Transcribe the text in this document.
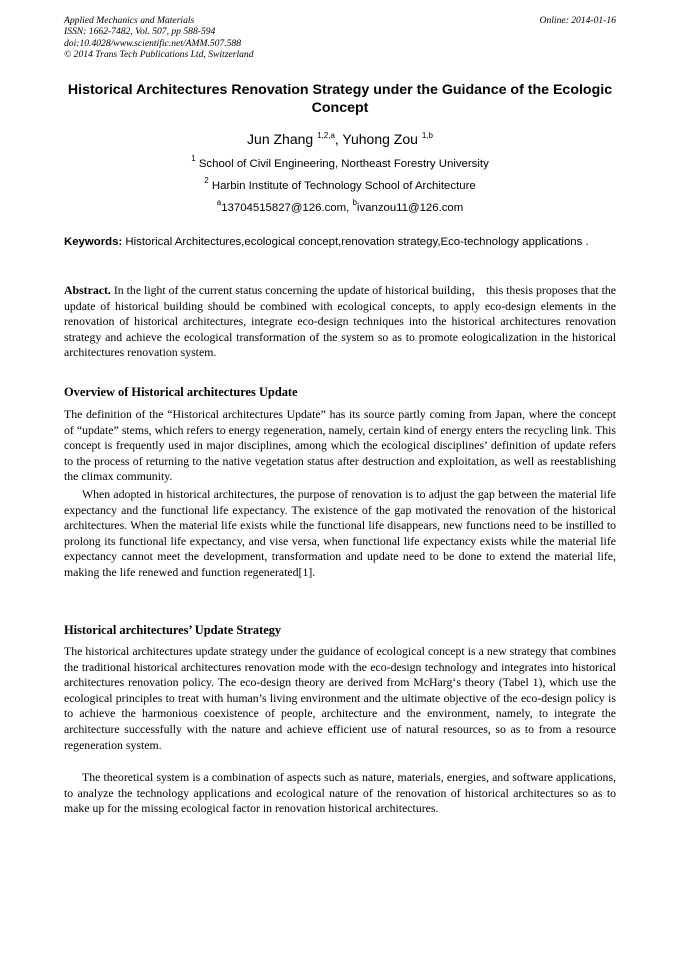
Applied Mechanics and Materials
ISSN: 1662-7482, Vol. 507, pp 588-594
doi:10.4028/www.scientific.net/AMM.507.588
© 2014 Trans Tech Publications Ltd, Switzerland
Online: 2014-01-16
Historical Architectures Renovation Strategy under the Guidance of the Ecologic Concept
Jun Zhang $^{1,2,a}$, Yuhong Zou $^{1,b}$
$^1$ School of Civil Engineering, Northeast Forestry University
$^2$ Harbin Institute of Technology School of Architecture
$^a$13704515827@126.com, $^b$ivanzou11@126.com
Keywords: Historical Architectures,ecological concept,renovation strategy,Eco-technology applications .

Abstract. In the light of the current status concerning the update of historical building， this thesis proposes that the update of historical building should be combined with ecological concepts, to apply eco-design elements in the renovation of historical architectures, integrate eco-design techniques into the historical architectures renovation strategy and achieve the ecological transformation of the system so as to promote eologicalization in the historical architectures renovation system.

Overview of Historical architectures Update

The definition of the “Historical architectures Update” has its source partly coming from Japan, where the concept of “update” stems, which refers to energy regeneration, namely, certain kind of energy enters the recycling link. This concept is frequently used in major disciplines, among which the ecological disciplines’ definition of update refers to the process of returning to the native vegetation status after destruction and exploitation, as well as reestablishing the climax community.

When adopted in historical architectures, the purpose of renovation is to adjust the gap between the material life expectancy and the functional life expectancy. The existence of the gap motivated the renovation of the historical architectures. When the material life exists while the functional life disappears, new functions need to be instilled to prolong its functional life expectancy, and vise versa, when functional life expectancy exists while the material life expectancy cannot meet the development, transformation and update need to be done to extend the material life, making the life renewed and function regenerated[1].

Historical architectures’ Update Strategy

The historical architectures update strategy under the guidance of ecological concept is a new strategy that combines the traditional historical architectures renovation mode with the eco-design technology and integrates into historical architectures renovation policy. The eco-design theory are derived from McHarg‘s theory (Tabel 1), which use the ecological principles to treat with human’s living environment and the ultimate objective of the eco-design policy is to achieve the harmonious coexistence of people, architecture and the environment, namely, to integrate the architecture successfully with the nature and achieve efficient use of natural resources, so as to from a resource regeneration system.

The theoretical system is a combination of aspects such as nature, materials, energies, and software applications, to analyze the technology applications and ecological nature of the renovation of historical architectures so as to make up for the missing ecological factor in renovation historical architectures.
